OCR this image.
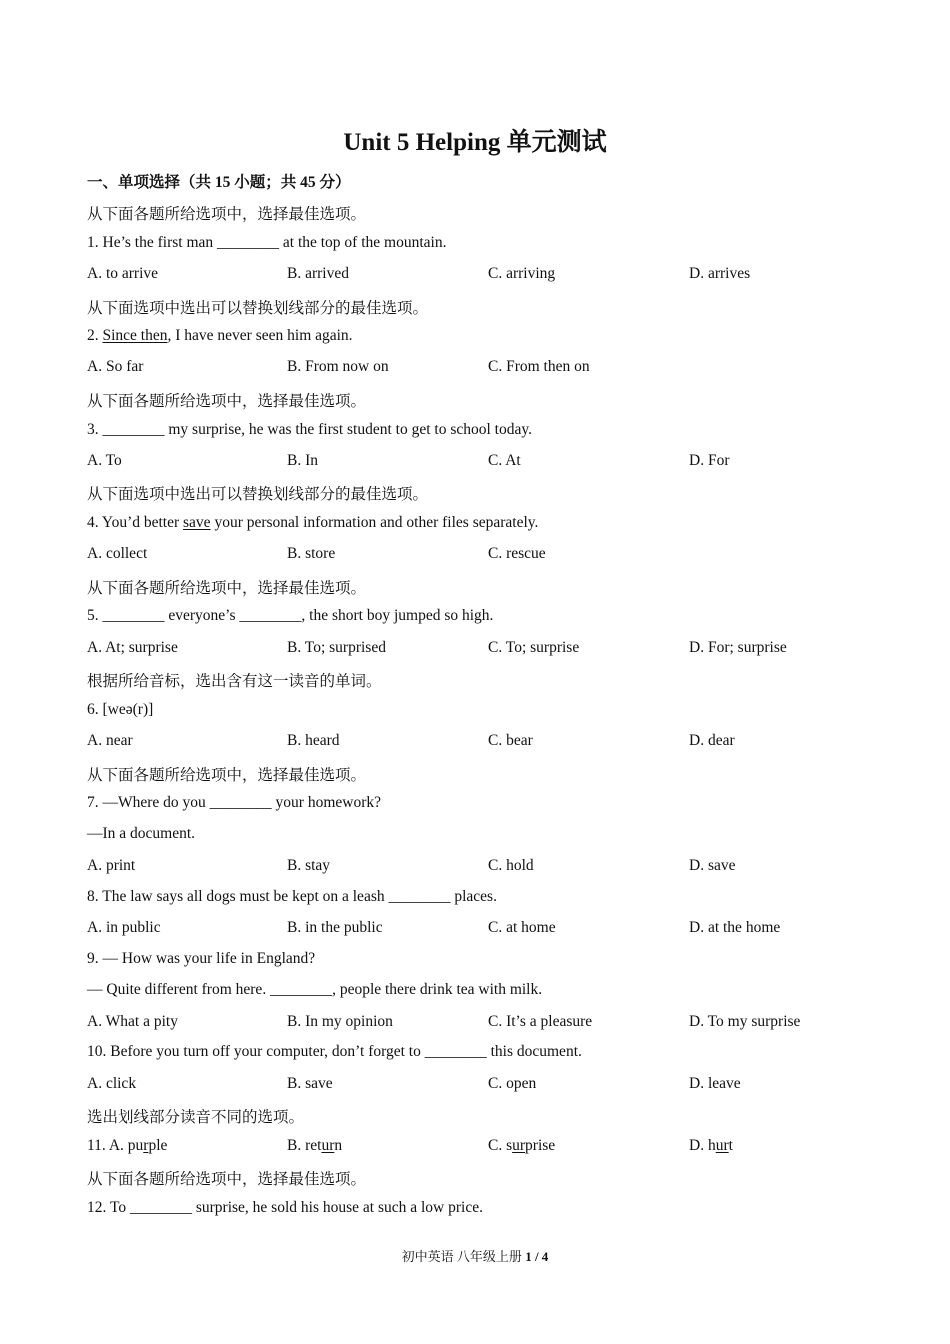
Unit 5 Helping 单元测试
一、单项选择（共 15 小题；共 45 分）
从下面各题所给选项中，选择最佳选项。
1. He’s the first man ________ at the top of the mountain.
A. to arrive	B. arrived	C. arriving	D. arrives
从下面选项中选出可以替换划线部分的最佳选项。
2. Since then, I have never seen him again.
A. So far	B. From now on	C. From then on
从下面各题所给选项中，选择最佳选项。
3. ________ my surprise, he was the first student to get to school today.
A. To	B. In	C. At	D. For
从下面选项中选出可以替换划线部分的最佳选项。
4. You’d better save your personal information and other files separately.
A. collect	B. store	C. rescue
从下面各题所给选项中，选择最佳选项。
5. ________ everyone’s ________, the short boy jumped so high.
A. At; surprise	B. To; surprised	C. To; surprise	D. For; surprise
根据所给音标，选出含有这一读音的单词。
6. [weə(r)]
A. near	B. heard	C. bear	D. dear
从下面各题所给选项中，选择最佳选项。
7. —Where do you ________ your homework?
—In a document.
A. print	B. stay	C. hold	D. save
8. The law says all dogs must be kept on a leash ________ places.
A. in public	B. in the public	C. at home	D. at the home
9. — How was your life in England?
— Quite different from here. ________, people there drink tea with milk.
A. What a pity	B. In my opinion	C. It’s a pleasure	D. To my surprise
10. Before you turn off your computer, don’t forget to ________ this document.
A. click	B. save	C. open	D. leave
选出划线部分读音不同的选项。
11. A. purple	B. return	C. surprise	D. hurt
从下面各题所给选项中，选择最佳选项。
12. To ________ surprise, he sold his house at such a low price.
初中英语 八年级上册 1 / 4
